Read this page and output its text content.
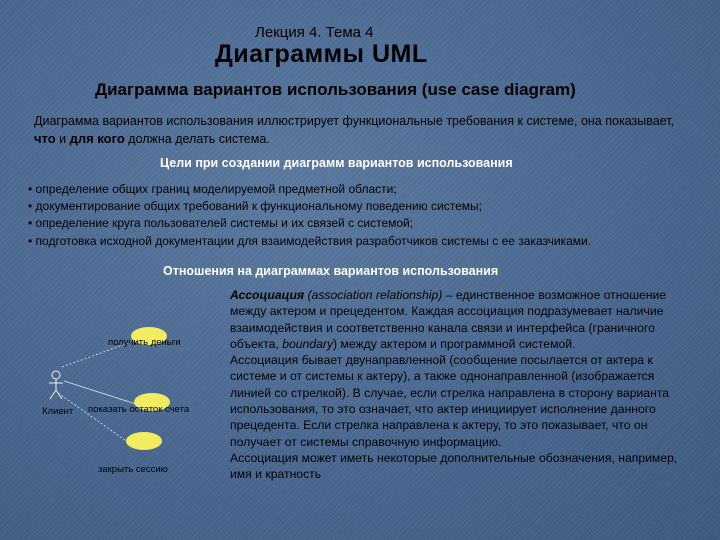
Лекция 4. Тема 4
Диаграммы UML
Диаграмма вариантов использования (use case diagram)
Диаграмма вариантов использования иллюстрирует функциональные требования к системе, она показывает, что и для кого должна делать система.
Цели при создании диаграмм вариантов использования
• определение общих границ моделируемой предметной области;
• документирование общих требований к функциональному поведению системы;
• определение круга пользователей системы и их связей с системой;
• подготовка исходной документации для взаимодействия разработчиков системы с ее заказчиками.
Отношения на диаграммах вариантов использования
Клиент
получить деньги
показать остаток счета
закрыть сессию

Ассоциация (association relationship) – единственное возможное отношение между актером и прецедентом. Каждая ассоциация подразумевает наличие взаимодействия и соответственно канала связи и интерфейса (граничного объекта, boundary) между актером и программной системой.

Ассоциация бывает двунаправленной (сообщение посылается от актера к системе и от системы к актеру), а также однонаправленной (изображается линией со стрелкой). В случае, если стрелка направлена в сторону варианта использования, то это означает, что актер инициирует исполнение данного прецедента. Если стрелка направлена к актеру, то это показывает, что он получает от системы справочную информацию.

Ассоциация может иметь некоторые дополнительные обозначения, например, имя и кратность
